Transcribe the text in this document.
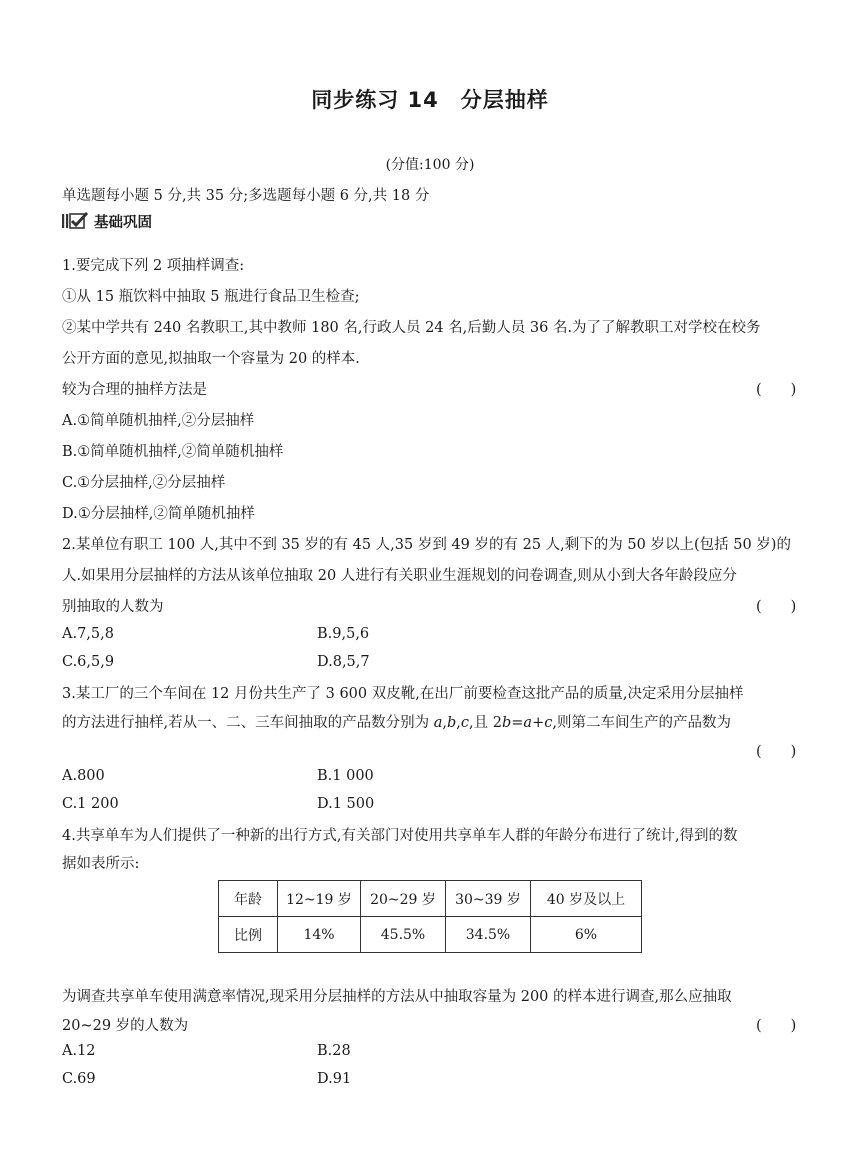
同步练习 14　分层抽样
(分值:100 分)
单选题每小题 5 分,共 35 分;多选题每小题 6 分,共 18 分
基础巩固
1.要完成下列 2 项抽样调查:
①从 15 瓶饮料中抽取 5 瓶进行食品卫生检查;
②某中学共有 240 名教职工,其中教师 180 名,行政人员 24 名,后勤人员 36 名.为了了解教职工对学校在校务
公开方面的意见,拟抽取一个容量为 20 的样本.
较为合理的抽样方法是	(　　)
A.①简单随机抽样,②分层抽样
B.①简单随机抽样,②简单随机抽样
C.①分层抽样,②分层抽样
D.①分层抽样,②简单随机抽样
2.某单位有职工 100 人,其中不到 35 岁的有 45 人,35 岁到 49 岁的有 25 人,剩下的为 50 岁以上(包括 50 岁)的
人.如果用分层抽样的方法从该单位抽取 20 人进行有关职业生涯规划的问卷调查,则从小到大各年龄段应分
别抽取的人数为	(　　)
A.7,5,8	B.9,5,6
C.6,5,9	D.8,5,7
3.某工厂的三个车间在 12 月份共生产了 3 600 双皮靴,在出厂前要检查这批产品的质量,决定采用分层抽样
的方法进行抽样,若从一、二、三车间抽取的产品数分别为 a,b,c,且 2b=a+c,则第二车间生产的产品数为
(　　)
A.800	B.1 000
C.1 200	D.1 500
4.共享单车为人们提供了一种新的出行方式,有关部门对使用共享单车人群的年龄分布进行了统计,得到的数
据如表所示:
年龄	12~19 岁	20~29 岁	30~39 岁	40 岁及以上
比例	14%	45.5%	34.5%	6%
为调查共享单车使用满意率情况,现采用分层抽样的方法从中抽取容量为 200 的样本进行调查,那么应抽取
20~29 岁的人数为	(　　)
A.12	B.28
C.69	D.91
